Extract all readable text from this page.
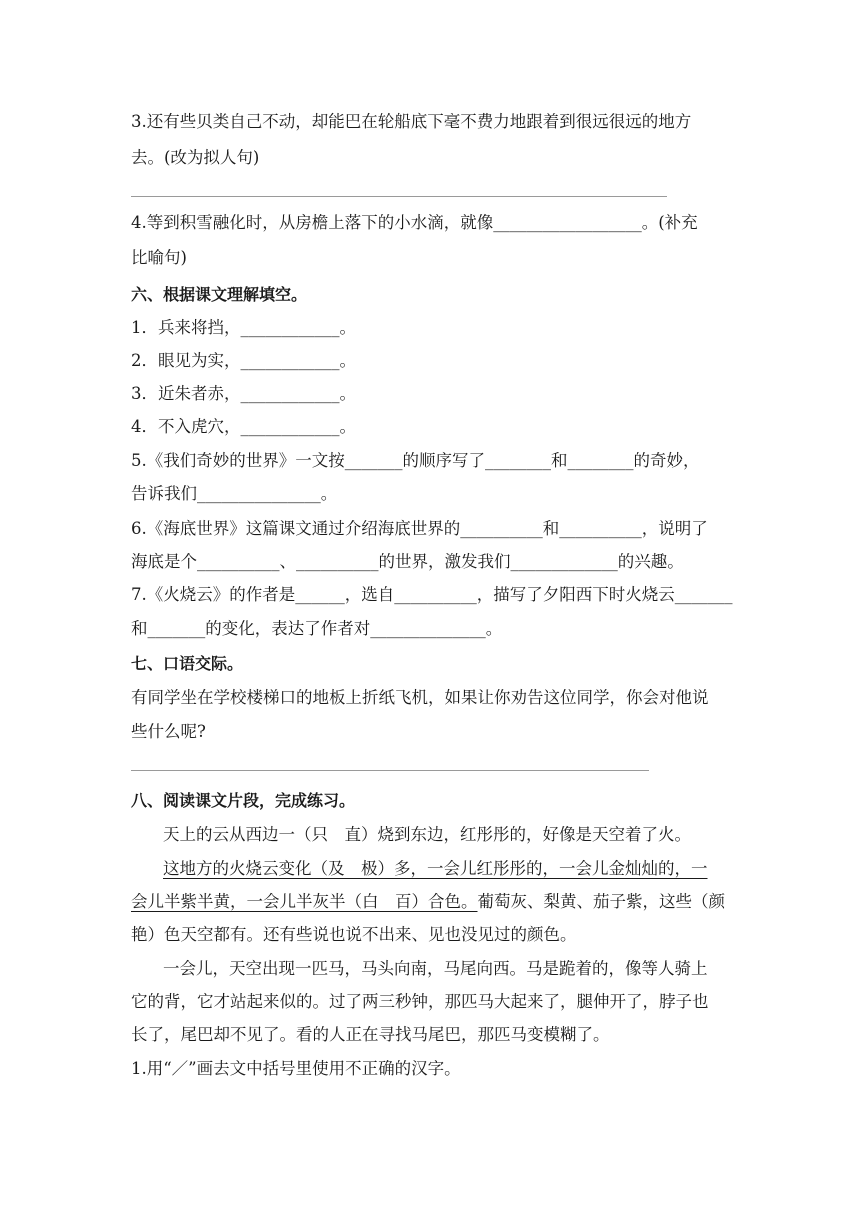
3.还有些贝类自己不动，却能巴在轮船底下毫不费力地跟着到很远很远的地方
去。(改为拟人句)
4.等到积雪融化时，从房檐上落下的小水滴，就像__________________。(补充
比喻句)
六、根据课文理解填空。
1．兵来将挡，____________。
2．眼见为实，____________。
3．近朱者赤，____________。
4．不入虎穴，____________。
5.《我们奇妙的世界》一文按_______的顺序写了________和________的奇妙，
告诉我们_______________。
6.《海底世界》这篇课文通过介绍海底世界的__________和__________，说明了
海底是个__________、__________的世界，激发我们_____________的兴趣。
7.《火烧云》的作者是______，选自__________，描写了夕阳西下时火烧云_______
和_______的变化，表达了作者对______________。
七、口语交际。
有同学坐在学校楼梯口的地板上折纸飞机，如果让你劝告这位同学，你会对他说
些什么呢?
八、阅读课文片段，完成练习。
天上的云从西边一（只　直）烧到东边，红彤彤的，好像是天空着了火。
这地方的火烧云变化（及　极）多，一会儿红彤彤的，一会儿金灿灿的，一
会儿半紫半黄，一会儿半灰半（白　百）合色。葡萄灰、梨黄、茄子紫，这些（颜
艳）色天空都有。还有些说也说不出来、见也没见过的颜色。
一会儿，天空出现一匹马，马头向南，马尾向西。马是跪着的，像等人骑上
它的背，它才站起来似的。过了两三秒钟，那匹马大起来了，腿伸开了，脖子也
长了，尾巴却不见了。看的人正在寻找马尾巴，那匹马变模糊了。
1.用“／”画去文中括号里使用不正确的汉字。
